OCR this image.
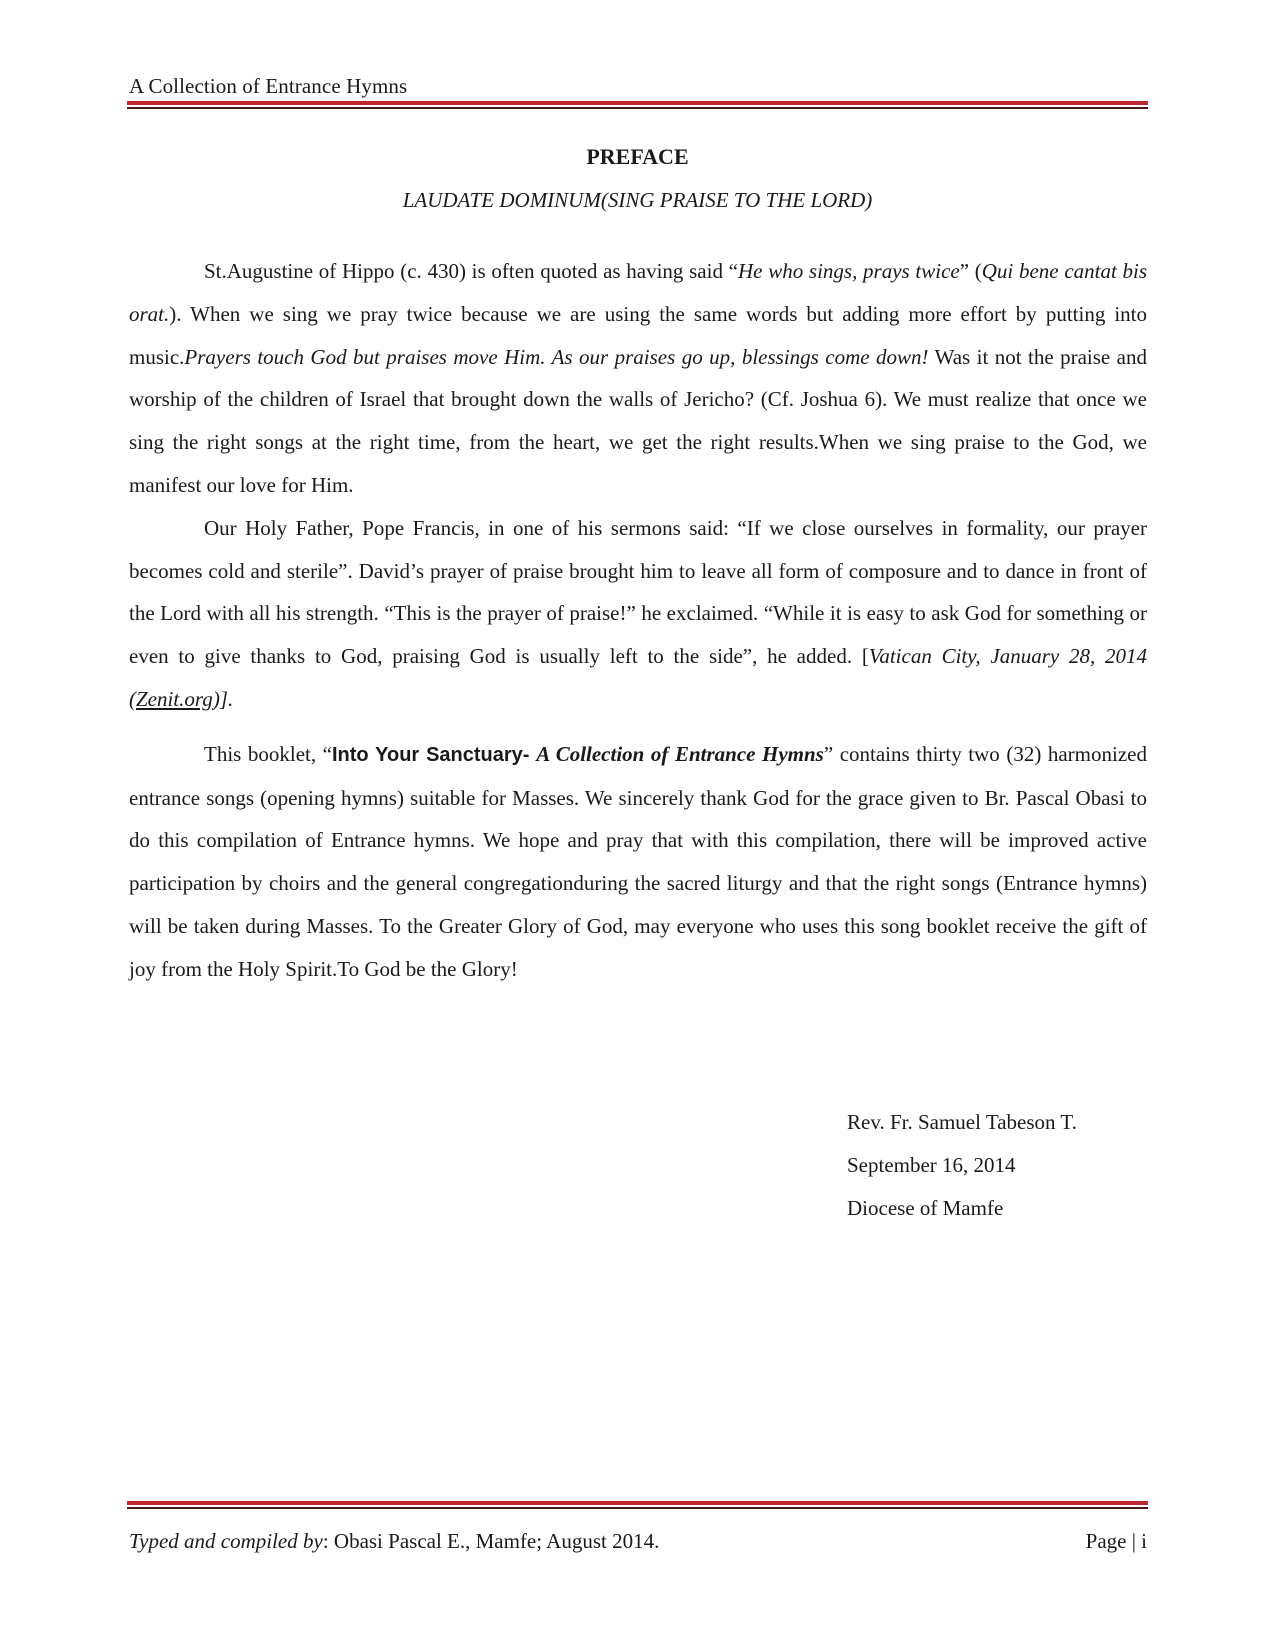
A Collection of Entrance Hymns
PREFACE
LAUDATE DOMINUM(SING PRAISE TO THE LORD)

St.Augustine of Hippo (c. 430) is often quoted as having said “He who sings, prays twice” (Qui bene cantat bis orat.). When we sing we pray twice because we are using the same words but adding more effort by putting into music.Prayers touch God but praises move Him. As our praises go up, blessings come down! Was it not the praise and worship of the children of Israel that brought down the walls of Jericho? (Cf. Joshua 6). We must realize that once we sing the right songs at the right time, from the heart, we get the right results.When we sing praise to the God, we manifest our love for Him.

Our Holy Father, Pope Francis, in one of his sermons said: “If we close ourselves in formality, our prayer becomes cold and sterile”. David’s prayer of praise brought him to leave all form of composure and to dance in front of the Lord with all his strength. “This is the prayer of praise!” he exclaimed. “While it is easy to ask God for something or even to give thanks to God, praising God is usually left to the side”, he added. [Vatican City, January 28, 2014 (Zenit.org)].

This booklet, “Into Your Sanctuary- A Collection of Entrance Hymns” contains thirty two (32) harmonized entrance songs (opening hymns) suitable for Masses. We sincerely thank God for the grace given to Br. Pascal Obasi to do this compilation of Entrance hymns. We hope and pray that with this compilation, there will be improved active participation by choirs and the general congregationduring the sacred liturgy and that the right songs (Entrance hymns) will be taken during Masses. To the Greater Glory of God, may everyone who uses this song booklet receive the gift of joy from the Holy Spirit.To God be the Glory!

Rev. Fr. Samuel Tabeson T.
September 16, 2014
Diocese of Mamfe
Typed and compiled by: Obasi Pascal E., Mamfe; August 2014.	Page | i
